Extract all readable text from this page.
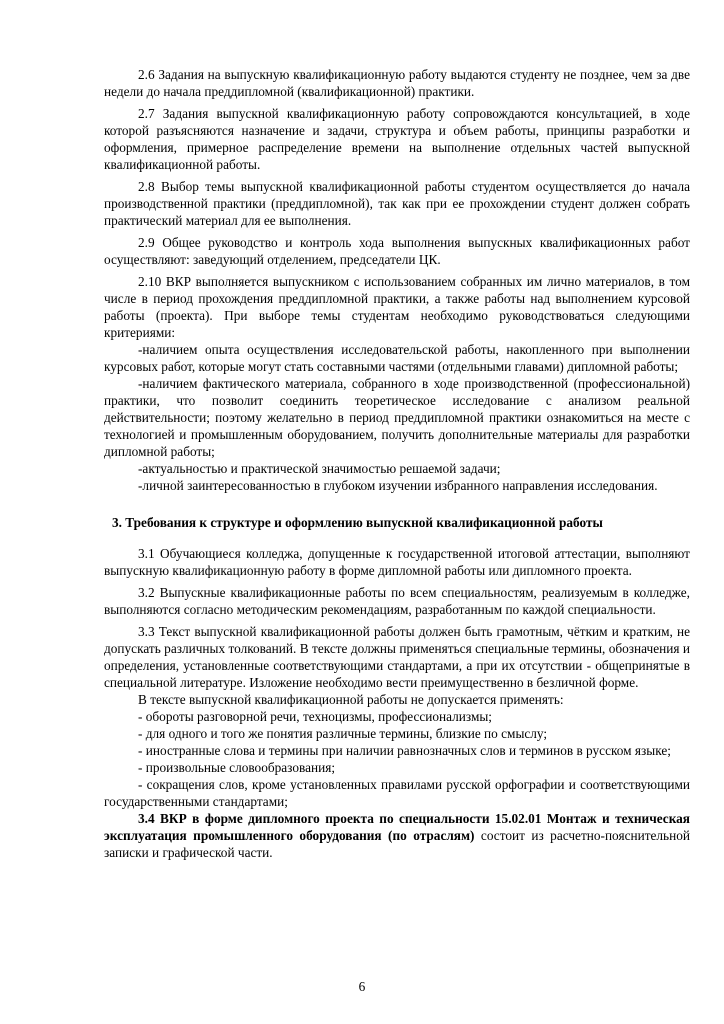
2.6 Задания на выпускную квалификационную работу выдаются студенту не позднее, чем за две недели до начала преддипломной (квалификационной) практики.

2.7 Задания выпускной квалификационную работу сопровождаются консультацией, в ходе которой разъясняются назначение и задачи, структура и объем работы, принципы разработки и оформления, примерное распределение времени на выполнение отдельных частей выпускной квалификационной работы.

2.8 Выбор темы выпускной квалификационной работы студентом осуществляется до начала производственной практики (преддипломной), так как при ее прохождении студент должен собрать практический материал для ее выполнения.

2.9 Общее руководство и контроль хода выполнения выпускных квалификационных работ осуществляют: заведующий отделением, председатели ЦК.

2.10 ВКР выполняется выпускником с использованием собранных им лично материалов, в том числе в период прохождения преддипломной практики, а также работы над выполнением курсовой работы (проекта). При выборе темы студентам необходимо руководствоваться следующими критериями:

-наличием опыта осуществления исследовательской работы, накопленного при выполнении курсовых работ, которые могут стать составными частями (отдельными главами) дипломной работы;

-наличием фактического материала, собранного в ходе производственной (профессиональной) практики, что позволит соединить теоретическое исследование с анализом реальной действительности; поэтому желательно в период преддипломной практики ознакомиться на месте с технологией и промышленным оборудованием, получить дополнительные материалы для разработки дипломной работы;

-актуальностью и практической значимостью решаемой задачи;

-личной заинтересованностью в глубоком изучении избранного направления исследования.

3. Требования к структуре и оформлению выпускной квалификационной работы

3.1 Обучающиеся колледжа, допущенные к государственной итоговой аттестации, выполняют выпускную квалификационную работу в форме дипломной работы или дипломного проекта.

3.2 Выпускные квалификационные работы по всем специальностям, реализуемым в колледже, выполняются согласно методическим рекомендациям, разработанным по каждой специальности.

3.3 Текст выпускной квалификационной работы должен быть грамотным, чётким и кратким, не допускать различных толкований. В тексте должны применяться специальные термины, обозначения и определения, установленные соответствующими стандартами, а при их отсутствии - общепринятые в специальной литературе. Изложение необходимо вести преимущественно в безличной форме.

В тексте выпускной квалификационной работы не допускается применять:

- обороты разговорной речи, техноцизмы, профессионализмы;

- для одного и того же понятия различные термины, близкие по смыслу;

- иностранные слова и термины при наличии равнозначных слов и терминов в русском языке;

- произвольные словообразования;

- сокращения слов, кроме установленных правилами русской орфографии и соответствующими государственными стандартами;

3.4 ВКР в форме дипломного проекта по специальности 15.02.01 Монтаж и техническая эксплуатация промышленного оборудования (по отраслям) состоит из расчетно-пояснительной записки и графической части.

6
